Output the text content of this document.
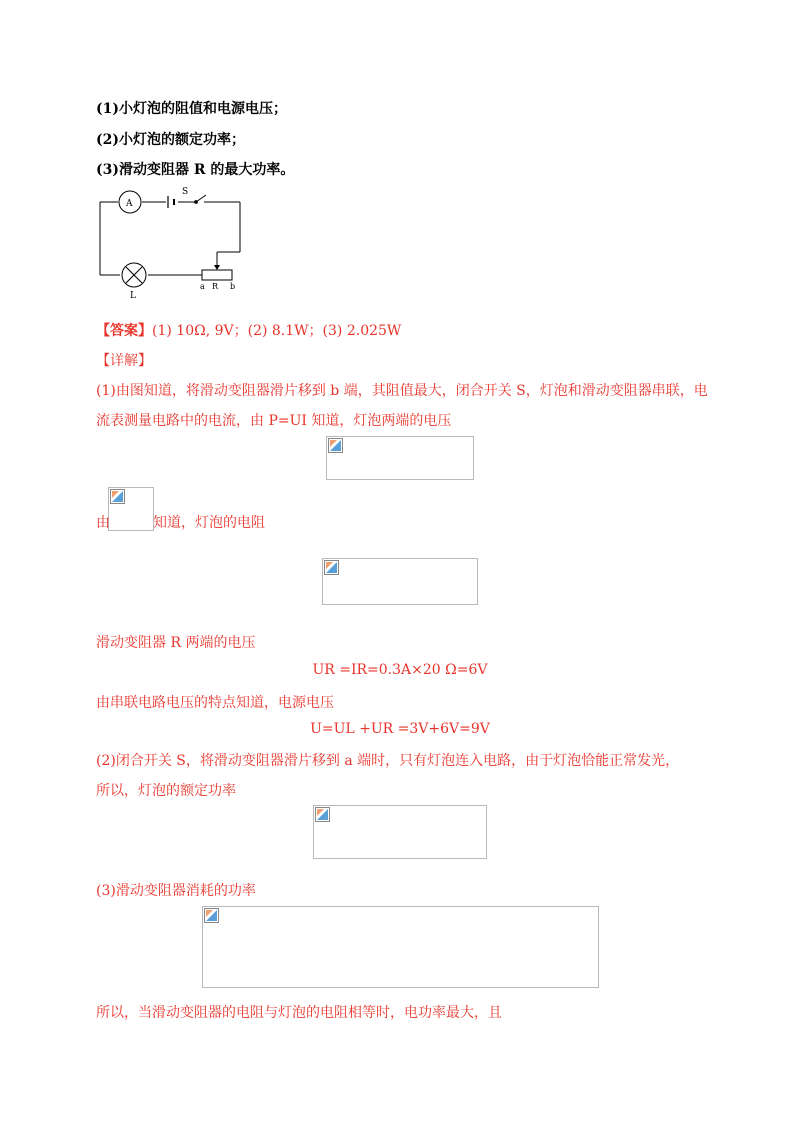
(1)小灯泡的阻值和电源电压；
(2)小灯泡的额定功率；
(3)滑动变阻器 R 的最大功率。
A
S
L
a R b
【答案】(1) 10Ω, 9V；(2) 8.1W；(3) 2.025W
【详解】
(1)由图知道，将滑动变阻器滑片移到 b 端，其阻值最大，闭合开关 S，灯泡和滑动变阻器串联，电
流表测量电路中的电流，由 P=UI 知道，灯泡两端的电压
由	知道，灯泡的电阻
滑动变阻器 R 两端的电压
UR =IR=0.3A×20 Ω=6V
由串联电路电压的特点知道，电源电压
U=UL +UR =3V+6V=9V
(2)闭合开关 S，将滑动变阻器滑片移到 a 端时，只有灯泡连入电路，由于灯泡恰能正常发光，
所以，灯泡的额定功率
(3)滑动变阻器消耗的功率
所以，当滑动变阻器的电阻与灯泡的电阻相等时，电功率最大，且
